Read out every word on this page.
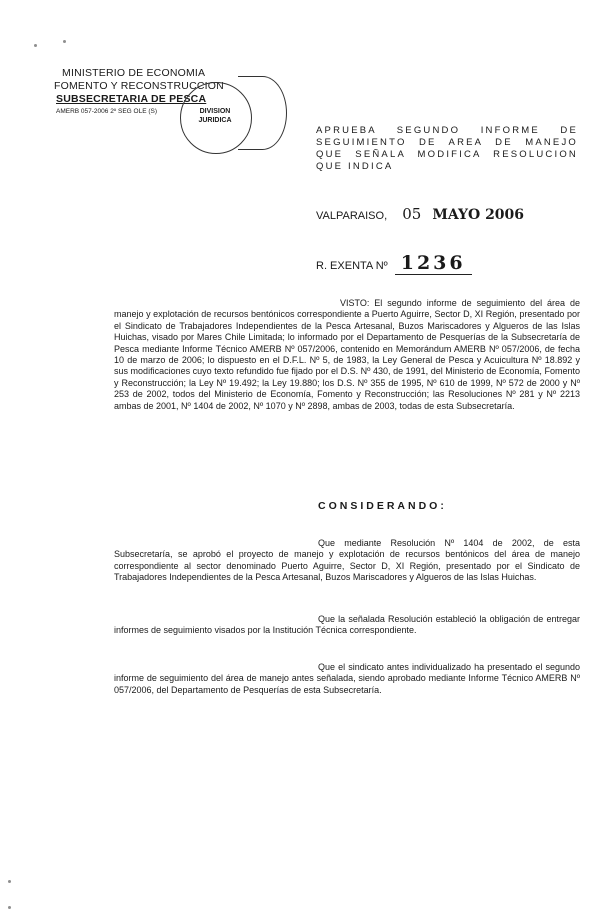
MINISTERIO DE ECONOMIA
FOMENTO Y RECONSTRUCCION
SUBSECRETARIA DE PESCA
AMERB 057-2006 2º SEG OLE (S)	DIVISION
JURIDICA
APRUEBA SEGUNDO INFORME DE SEGUIMIENTO DE AREA DE MANEJO QUE SEÑALA MODIFICA RESOLUCION QUE INDICA
VALPARAISO, 05 MAYO 2006
R. EXENTA Nº 1236
VISTO: El segundo informe de seguimiento del área de manejo y explotación de recursos bentónicos correspondiente a Puerto Aguirre, Sector D, XI Región, presentado por el Sindicato de Trabajadores Independientes de la Pesca Artesanal, Buzos Mariscadores y Algueros de las Islas Huichas, visado por Mares Chile Limitada; lo informado por el Departamento de Pesquerías de la Subsecretaría de Pesca mediante Informe Técnico AMERB Nº 057/2006, contenido en Memorándum AMERB Nº 057/2006, de fecha 10 de marzo de 2006; lo dispuesto en el D.F.L. Nº 5, de 1983, la Ley General de Pesca y Acuicultura Nº 18.892 y sus modificaciones cuyo texto refundido fue fijado por el D.S. Nº 430, de 1991, del Ministerio de Economía, Fomento y Reconstrucción; la Ley Nº 19.492; la Ley 19.880; los D.S. Nº 355 de 1995, Nº 610 de 1999, Nº 572 de 2000 y Nº 253 de 2002, todos del Ministerio de Economía, Fomento y Reconstrucción; las Resoluciones Nº 281 y Nº 2213 ambas de 2001, Nº 1404 de 2002, Nº 1070 y Nº 2898, ambas de 2003, todas de esta Subsecretaría.
CONSIDERANDO:
Que mediante Resolución Nº 1404 de 2002, de esta Subsecretaría, se aprobó el proyecto de manejo y explotación de recursos bentónicos del área de manejo correspondiente al sector denominado Puerto Aguirre, Sector D, XI Región, presentado por el Sindicato de Trabajadores Independientes de la Pesca Artesanal, Buzos Mariscadores y Algueros de las Islas Huichas.
Que la señalada Resolución estableció la obligación de entregar informes de seguimiento visados por la Institución Técnica correspondiente.
Que el sindicato antes individualizado ha presentado el segundo informe de seguimiento del área de manejo antes señalada, siendo aprobado mediante Informe Técnico AMERB Nº 057/2006, del Departamento de Pesquerías de esta Subsecretaría.
